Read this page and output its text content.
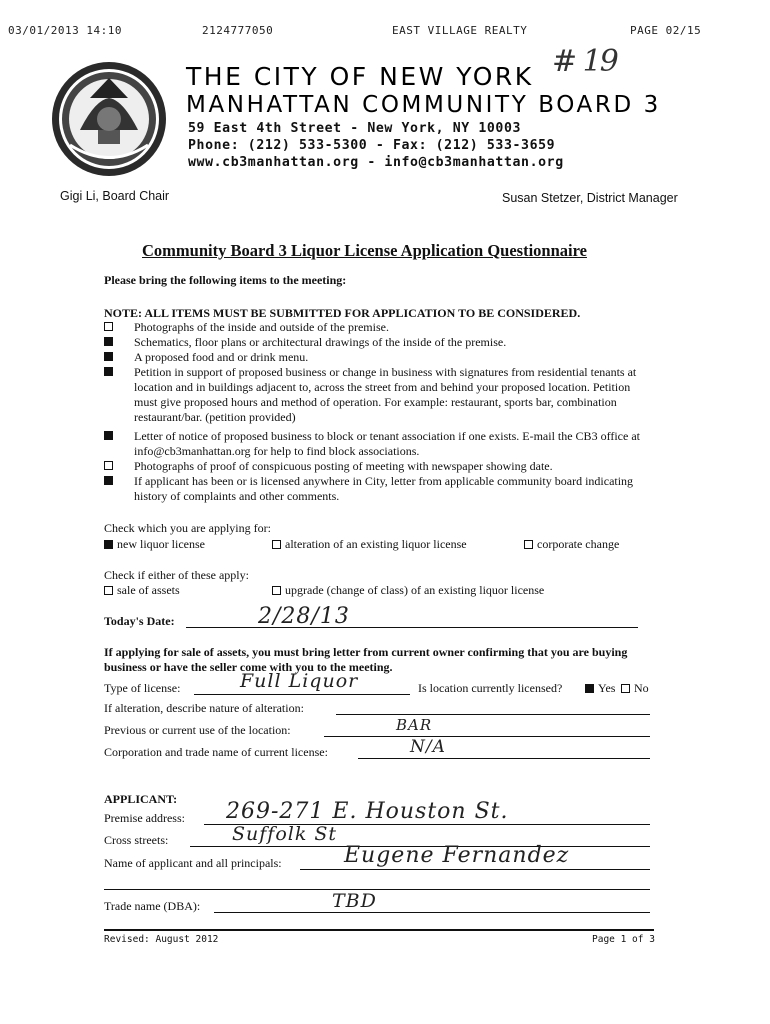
03/01/2013 14:10	2124777050	EAST VILLAGE REALTY	PAGE 02/15
# 19
THE CITY OF NEW YORK
MANHATTAN COMMUNITY BOARD 3
59 East 4th Street - New York, NY 10003
Phone: (212) 533-5300 - Fax: (212) 533-3659
www.cb3manhattan.org - info@cb3manhattan.org
Gigi Li, Board Chair	Susan Stetzer, District Manager
Community Board 3 Liquor License Application Questionnaire
Please bring the following items to the meeting:
NOTE: ALL ITEMS MUST BE SUBMITTED FOR APPLICATION TO BE CONSIDERED.
Photographs of the inside and outside of the premise.
Schematics, floor plans or architectural drawings of the inside of the premise.
A proposed food and or drink menu.
Petition in support of proposed business or change in business with signatures from residential tenants at location and in buildings adjacent to, across the street from and behind your proposed location. Petition must give proposed hours and method of operation. For example: restaurant, sports bar, combination restaurant/bar. (petition provided)
Letter of notice of proposed business to block or tenant association if one exists. E-mail the CB3 office at info@cb3manhattan.org for help to find block associations.
Photographs of proof of conspicuous posting of meeting with newspaper showing date.
If applicant has been or is licensed anywhere in City, letter from applicable community board indicating history of complaints and other comments.
Check which you are applying for:
new liquor license	alteration of an existing liquor license	corporate change
Check if either of these apply:
sale of assets	upgrade (change of class) of an existing liquor license
Today's Date:	2/28/13
If applying for sale of assets, you must bring letter from current owner confirming that you are buying business or have the seller come with you to the meeting.
Type of license:	Full Liquor	Is location currently licensed?	Yes	No
If alteration, describe nature of alteration:
Previous or current use of the location:	BAR
Corporation and trade name of current license:	N/A
APPLICANT:
Premise address: 269-271 E. Houston St.
Cross streets:	Suffolk St
Name of applicant and all principals:	Eugene Fernandez
Trade name (DBA):	TBD
Revised: August 2012	Page 1 of 3
